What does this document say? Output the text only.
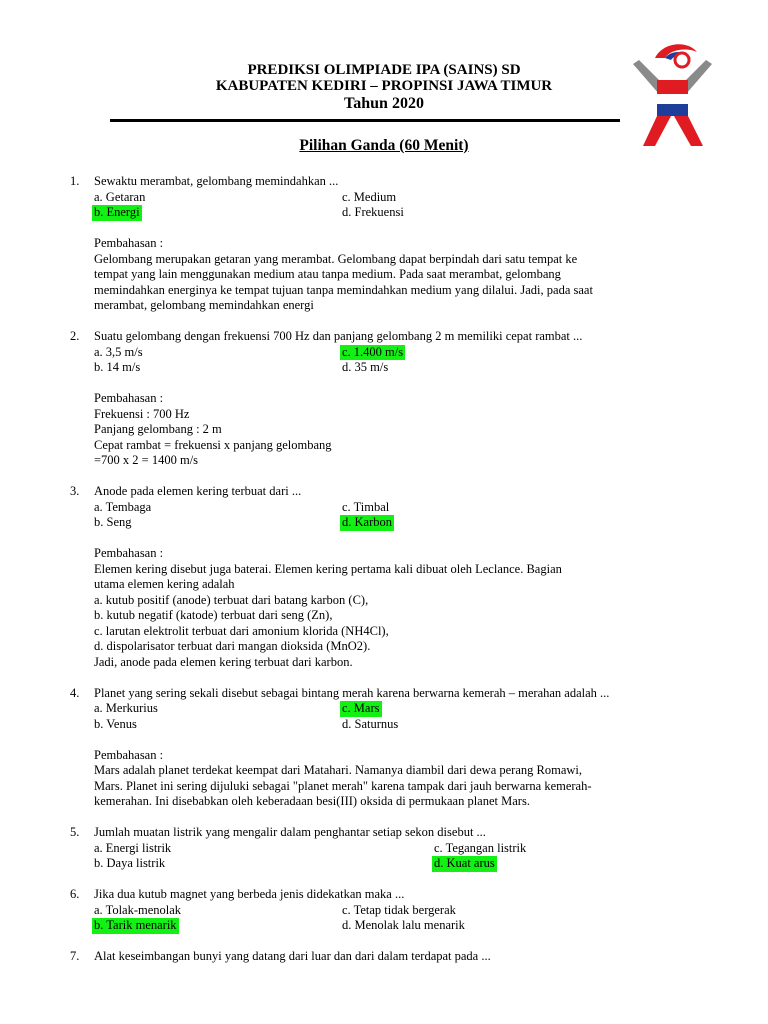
PREDIKSI OLIMPIADE IPA (SAINS) SD
KABUPATEN KEDIRI – PROPINSI JAWA TIMUR
Tahun 2020
Pilihan Ganda (60 Menit)
1. Sewaktu merambat, gelombang memindahkan ...
a. Getaran	c. Medium
b. Energi	d. Frekuensi
Pembahasan :
Gelombang merupakan getaran yang merambat. Gelombang dapat berpindah dari satu tempat ke
tempat yang lain menggunakan medium atau tanpa medium. Pada saat merambat, gelombang
memindahkan energinya ke tempat tujuan tanpa memindahkan medium yang dilalui. Jadi, pada saat
merambat, gelombang memindahkan energi
2. Suatu gelombang dengan frekuensi 700 Hz dan panjang gelombang 2 m memiliki cepat rambat ...
a. 3,5 m/s	c. 1.400 m/s
b. 14 m/s	d. 35 m/s
Pembahasan :
Frekuensi : 700 Hz
Panjang gelombang : 2 m
Cepat rambat = frekuensi x panjang gelombang
=700 x 2 = 1400 m/s
3. Anode pada elemen kering terbuat dari ...
a. Tembaga	c. Timbal
b. Seng	d. Karbon
Pembahasan :
Elemen kering disebut juga baterai. Elemen kering pertama kali dibuat oleh Leclance. Bagian
utama elemen kering adalah
a. kutub positif (anode) terbuat dari batang karbon (C),
b. kutub negatif (katode) terbuat dari seng (Zn),
c. larutan elektrolit terbuat dari amonium klorida (NH4Cl),
d. dispolarisator terbuat dari mangan dioksida (MnO2).
Jadi, anode pada elemen kering terbuat dari karbon.
4. Planet yang sering sekali disebut sebagai bintang merah karena berwarna kemerah – merahan adalah ...
a. Merkurius	c. Mars
b. Venus	d. Saturnus
Pembahasan :
Mars adalah planet terdekat keempat dari Matahari. Namanya diambil dari dewa perang Romawi,
Mars. Planet ini sering dijuluki sebagai "planet merah" karena tampak dari jauh berwarna kemerah-
kemerahan. Ini disebabkan oleh keberadaan besi(III) oksida di permukaan planet Mars.
5. Jumlah muatan listrik yang mengalir dalam penghantar setiap sekon disebut ...
a. Energi listrik	c. Tegangan listrik
b. Daya listrik	d. Kuat arus
6. Jika dua kutub magnet yang berbeda jenis didekatkan maka ...
a. Tolak-menolak	c. Tetap tidak bergerak
b. Tarik menarik	d. Menolak lalu menarik
7. Alat keseimbangan bunyi yang datang dari luar dan dari dalam terdapat pada ...
